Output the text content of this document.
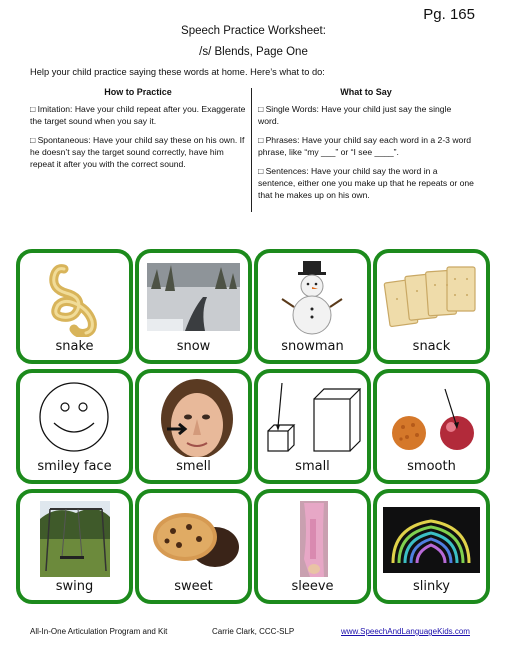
Pg. 165
Speech Practice Worksheet:
/s/ Blends, Page One
Help your child practice saying these words at home. Here’s what to do:
How to Practice

□ Imitation: Have your child repeat after you. Exaggerate the target sound when you say it.

□ Spontaneous: Have your child say these on his own. If he doesn’t say the target sound correctly, have him repeat it after you with the correct sound.

What to Say

□ Single Words: Have your child just say the single word.

□ Phrases: Have your child say each word in a 2-3 word phrase, like “my ___” or “I see ____”.

□ Sentences: Have your child say the word in a sentence, either one you make up that he repeats or one that he makes up on his own.

snake	snow	snowman	snack
smiley face	smell	small	smooth
swing	sweet	sleeve	slinky
All-In-One Articulation Program and Kit	Carrie Clark, CCC-SLP	www.SpeechAndLanguageKids.com
